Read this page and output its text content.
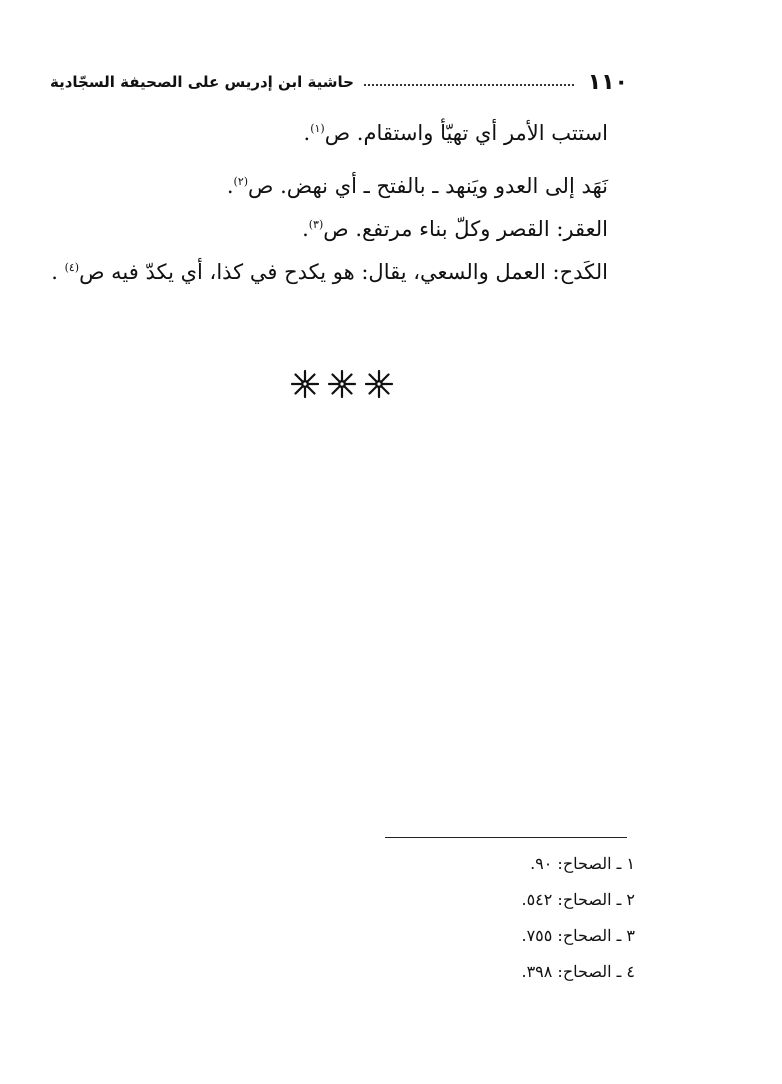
١١٠
حاشية ابن إدريس على الصحيفة السجّادية

استتب الأمر أي تهيّأ واستقام. ص$^{(١)}$.

نَهَد إلى العدو ويَنهد ـ بالفتح ـ أي نهض. ص$^{(٢)}$.

العقر: القصر وكلّ بناء مرتفع. ص$^{(٣)}$.

الكَدح: العمل والسعي، يقال: هو يكدح في كذا، أي يكدّ فيه ص$^{(٤)}$ .

١ ـ الصحاح: ٩٠.
٢ ـ الصحاح: ٥٤٢.
٣ ـ الصحاح: ٧٥٥.
٤ ـ الصحاح: ٣٩٨.
